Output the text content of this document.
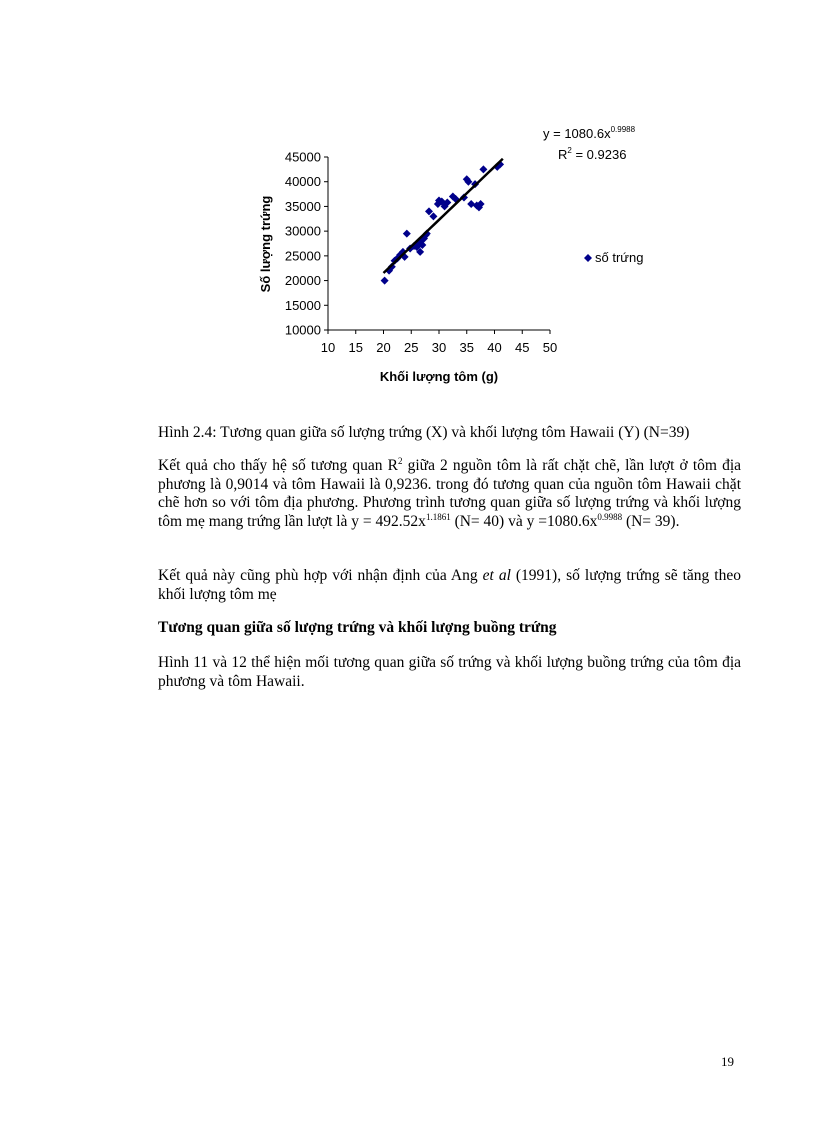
$y = 1080.6x^{0.9988}$
$R^2 = 0.9236$
Số lượng trứng
Khối lượng tôm (g)
10000
15000
20000
25000
30000
35000
40000
45000
10 15 20 25 30 35 40 45 50
số trứng
Hình 2.4: Tương quan giữa số lượng trứng (X) và khối lượng tôm Hawaii (Y) (N=39)

Kết quả cho thấy hệ số tương quan $R^2$ giữa 2 nguồn tôm là rất chặt chẽ, lần lượt ở tôm địa phương là 0,9014 và tôm Hawaii là 0,9236. trong đó tương quan của nguồn tôm Hawaii chặt chẽ hơn so với tôm địa phương. Phương trình tương quan giữa số lượng trứng và khối lượng tôm mẹ mang trứng lần lượt là $y = 492.52x^{1.1861}$ (N= 40) và $y =1080.6x^{0.9988}$ (N= 39).

Kết quả này cũng phù hợp với nhận định của Ang et al (1991), số lượng trứng sẽ tăng theo khối lượng tôm mẹ

Tương quan giữa số lượng trứng và khối lượng buồng trứng

Hình 11 và 12 thể hiện mối tương quan giữa số trứng và khối lượng buồng trứng của tôm địa phương và tôm Hawaii.

19
